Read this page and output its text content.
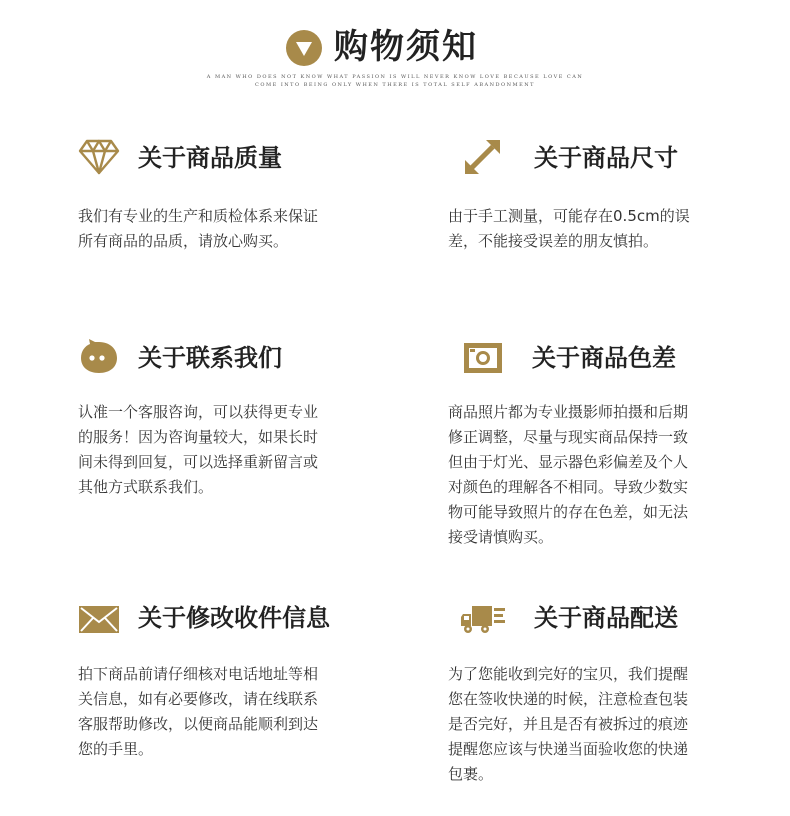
购物须知
A MAN WHO DOES NOT KNOW WHAT PASSION IS WILL NEVER KNOW LOVE BECAUSE LOVE CAN
COME INTO BEING ONLY WHEN THERE IS TOTAL SELF ABANDONMENT
关于商品质量
我们有专业的生产和质检体系来保证
所有商品的品质，请放心购买。
关于商品尺寸
由于手工测量，可能存在0.5cm的误
差，不能接受误差的朋友慎拍。
关于联系我们
认准一个客服咨询，可以获得更专业
的服务！因为咨询量较大，如果长时
间未得到回复，可以选择重新留言或
其他方式联系我们。
关于商品色差
商品照片都为专业摄影师拍摄和后期
修正调整，尽量与现实商品保持一致
但由于灯光、显示器色彩偏差及个人
对颜色的理解各不相同。导致少数实
物可能导致照片的存在色差，如无法
接受请慎购买。
关于修改收件信息
拍下商品前请仔细核对电话地址等相
关信息，如有必要修改，请在线联系
客服帮助修改，以便商品能顺利到达
您的手里。
关于商品配送
为了您能收到完好的宝贝，我们提醒
您在签收快递的时候，注意检查包装
是否完好，并且是否有被拆过的痕迹
提醒您应该与快递当面验收您的快递
包裹。
